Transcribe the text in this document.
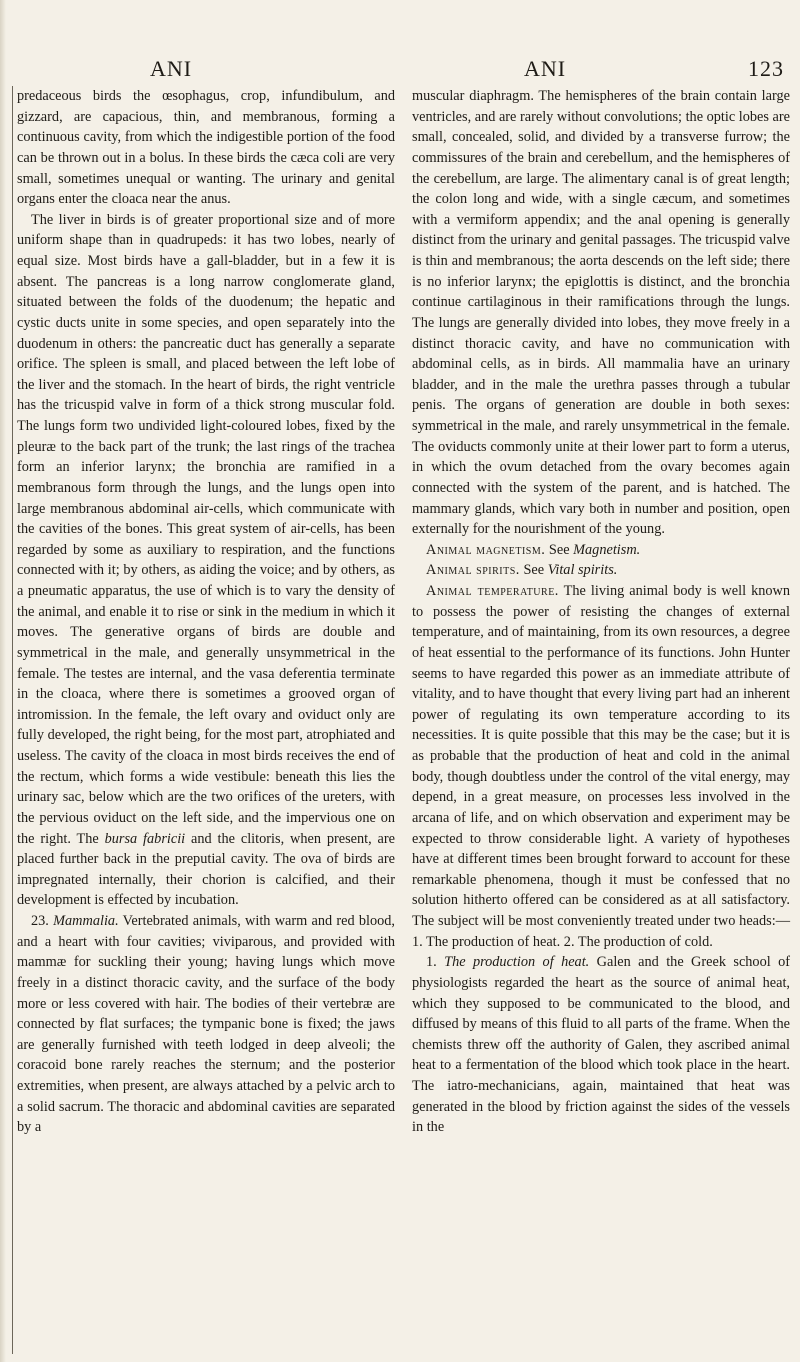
ANI	ANI	123

predaceous birds the œsophagus, crop, infundibulum, and gizzard, are capacious, thin, and membranous, forming a continuous cavity, from which the indigestible portion of the food can be thrown out in a bolus. In these birds the cæca coli are very small, sometimes unequal or wanting. The urinary and genital organs enter the cloaca near the anus.

The liver in birds is of greater proportional size and of more uniform shape than in quadrupeds: it has two lobes, nearly of equal size. Most birds have a gall-bladder, but in a few it is absent. The pancreas is a long narrow conglomerate gland, situated between the folds of the duodenum; the hepatic and cystic ducts unite in some species, and open separately into the duodenum in others: the pancreatic duct has generally a separate orifice. The spleen is small, and placed between the left lobe of the liver and the stomach. In the heart of birds, the right ventricle has the tricuspid valve in form of a thick strong muscular fold. The lungs form two undivided light-coloured lobes, fixed by the pleuræ to the back part of the trunk; the last rings of the trachea form an inferior larynx; the bronchia are ramified in a membranous form through the lungs, and the lungs open into large membranous abdominal air-cells, which communicate with the cavities of the bones. This great system of air-cells, has been regarded by some as auxiliary to respiration, and the functions connected with it; by others, as aiding the voice; and by others, as a pneumatic apparatus, the use of which is to vary the density of the animal, and enable it to rise or sink in the medium in which it moves. The generative organs of birds are double and symmetrical in the male, and generally unsymmetrical in the female. The testes are internal, and the vasa deferentia terminate in the cloaca, where there is sometimes a grooved organ of intromission. In the female, the left ovary and oviduct only are fully developed, the right being, for the most part, atrophiated and useless. The cavity of the cloaca in most birds receives the end of the rectum, which forms a wide vestibule: beneath this lies the urinary sac, below which are the two orifices of the ureters, with the pervious oviduct on the left side, and the impervious one on the right. The bursa fabricii and the clitoris, when present, are placed further back in the preputial cavity. The ova of birds are impregnated internally, their chorion is calcified, and their development is effected by incubation.

23. Mammalia. Vertebrated animals, with warm and red blood, and a heart with four cavities; viviparous, and provided with mammæ for suckling their young; having lungs which move freely in a distinct thoracic cavity, and the surface of the body more or less covered with hair. The bodies of their vertebræ are connected by flat surfaces; the tympanic bone is fixed; the jaws are generally furnished with teeth lodged in deep alveoli; the coracoid bone rarely reaches the sternum; and the posterior extremities, when present, are always attached by a pelvic arch to a solid sacrum. The thoracic and abdominal cavities are separated by a

muscular diaphragm. The hemispheres of the brain contain large ventricles, and are rarely without convolutions; the optic lobes are small, concealed, solid, and divided by a transverse furrow; the commissures of the brain and cerebellum, and the hemispheres of the cerebellum, are large. The alimentary canal is of great length; the colon long and wide, with a single cæcum, and sometimes with a vermiform appendix; and the anal opening is generally distinct from the urinary and genital passages. The tricuspid valve is thin and membranous; the aorta descends on the left side; there is no inferior larynx; the epiglottis is distinct, and the bronchia continue cartilaginous in their ramifications through the lungs. The lungs are generally divided into lobes, they move freely in a distinct thoracic cavity, and have no communication with abdominal cells, as in birds. All mammalia have an urinary bladder, and in the male the urethra passes through a tubular penis. The organs of generation are double in both sexes: symmetrical in the male, and rarely unsymmetrical in the female. The oviducts commonly unite at their lower part to form a uterus, in which the ovum detached from the ovary becomes again connected with the system of the parent, and is hatched. The mammary glands, which vary both in number and position, open externally for the nourishment of the young.

Animal magnetism. See Magnetism.

Animal spirits. See Vital spirits.

Animal temperature. The living animal body is well known to possess the power of resisting the changes of external temperature, and of maintaining, from its own resources, a degree of heat essential to the performance of its functions. John Hunter seems to have regarded this power as an immediate attribute of vitality, and to have thought that every living part had an inherent power of regulating its own temperature according to its necessities. It is quite possible that this may be the case; but it is as probable that the production of heat and cold in the animal body, though doubtless under the control of the vital energy, may depend, in a great measure, on processes less involved in the arcana of life, and on which observation and experiment may be expected to throw considerable light. A variety of hypotheses have at different times been brought forward to account for these remarkable phenomena, though it must be confessed that no solution hitherto offered can be considered as at all satisfactory. The subject will be most conveniently treated under two heads:—1. The production of heat. 2. The production of cold.

1. The production of heat. Galen and the Greek school of physiologists regarded the heart as the source of animal heat, which they supposed to be communicated to the blood, and diffused by means of this fluid to all parts of the frame. When the chemists threw off the authority of Galen, they ascribed animal heat to a fermentation of the blood which took place in the heart. The iatro-mechanicians, again, maintained that heat was generated in the blood by friction against the sides of the vessels in the
